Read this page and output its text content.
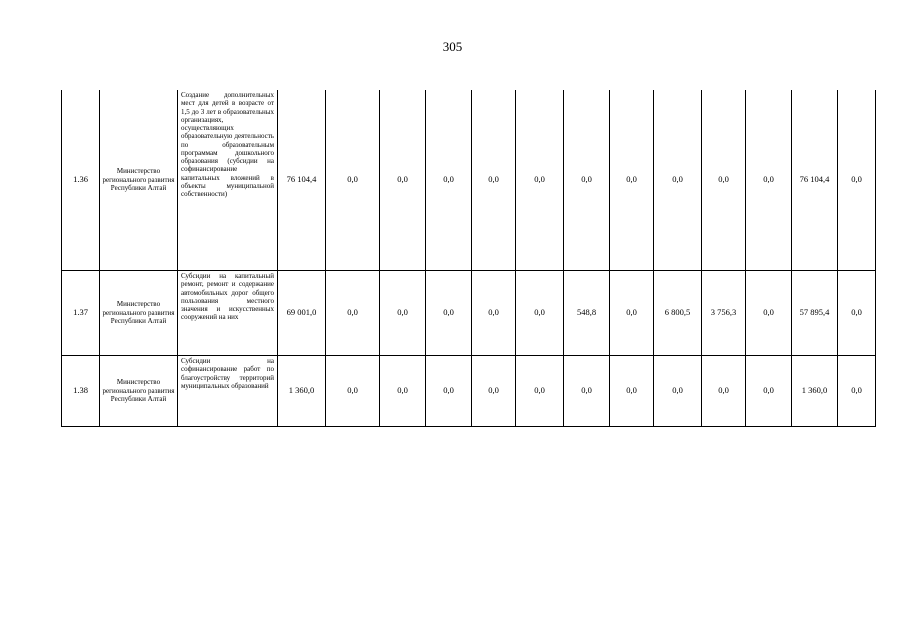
305
1.36	Министерство регионального развития Республики Алтай	Создание дополнительных мест для детей в возрасте от 1,5 до 3 лет в образовательных организациях, осуществляющих образовательную деятельность по образовательным программам дошкольного образования (субсидии на софинансирование капитальных вложений в объекты муниципальной собственности)	76 104,4	0,0	0,0	0,0	0,0	0,0	0,0	0,0	0,0	0,0	0,0	76 104,4	0,0
1.37	Министерство регионального развития Республики Алтай	Субсидии на капитальный ремонт, ремонт и содержание автомобильных дорог общего пользования местного значения и искусственных сооружений на них	69 001,0	0,0	0,0	0,0	0,0	0,0	548,8	0,0	6 800,5	3 756,3	0,0	57 895,4	0,0
1.38	Министерство регионального развития Республики Алтай	Субсидии на софинансирование работ по благоустройству территорий муниципальных образований	1 360,0	0,0	0,0	0,0	0,0	0,0	0,0	0,0	0,0	0,0	0,0	1 360,0	0,0
